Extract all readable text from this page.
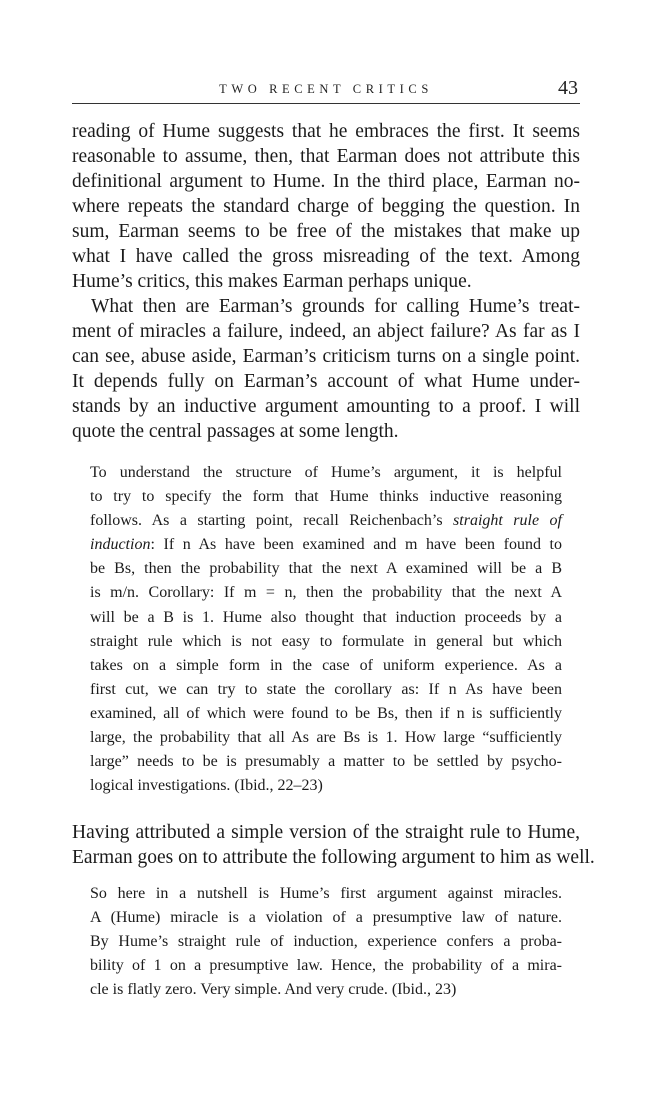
TWO RECENT CRITICS	43
reading of Hume suggests that he embraces the first. It seems
reasonable to assume, then, that Earman does not attribute this
definitional argument to Hume. In the third place, Earman no-
where repeats the standard charge of begging the question. In
sum, Earman seems to be free of the mistakes that make up
what I have called the gross misreading of the text. Among
Hume’s critics, this makes Earman perhaps unique.
What then are Earman’s grounds for calling Hume’s treat-
ment of miracles a failure, indeed, an abject failure? As far as I
can see, abuse aside, Earman’s criticism turns on a single point.
It depends fully on Earman’s account of what Hume under-
stands by an inductive argument amounting to a proof. I will
quote the central passages at some length.
To understand the structure of Hume’s argument, it is helpful
to try to specify the form that Hume thinks inductive reasoning
follows. As a starting point, recall Reichenbach’s straight rule of
induction: If n As have been examined and m have been found to
be Bs, then the probability that the next A examined will be a B
is m/n. Corollary: If m = n, then the probability that the next A
will be a B is 1. Hume also thought that induction proceeds by a
straight rule which is not easy to formulate in general but which
takes on a simple form in the case of uniform experience. As a
first cut, we can try to state the corollary as: If n As have been
examined, all of which were found to be Bs, then if n is sufficiently
large, the probability that all As are Bs is 1. How large “sufficiently
large” needs to be is presumably a matter to be settled by psycho-
logical investigations. (Ibid., 22–23)
Having attributed a simple version of the straight rule to Hume,
Earman goes on to attribute the following argument to him as well.
So here in a nutshell is Hume’s first argument against miracles.
A (Hume) miracle is a violation of a presumptive law of nature.
By Hume’s straight rule of induction, experience confers a proba-
bility of 1 on a presumptive law. Hence, the probability of a mira-
cle is flatly zero. Very simple. And very crude. (Ibid., 23)
